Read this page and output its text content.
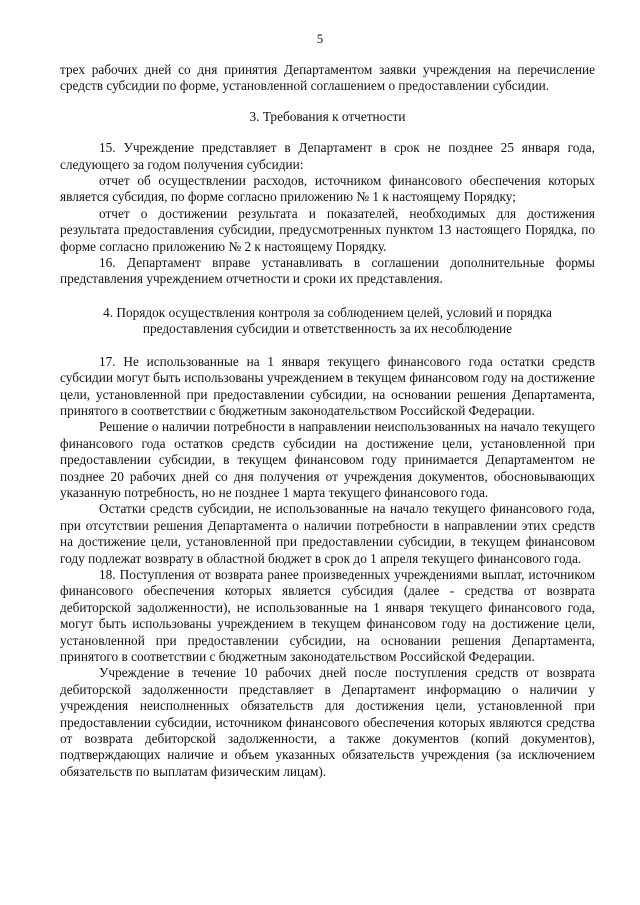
5

трех рабочих дней со дня принятия Департаментом заявки учреждения на перечисление средств субсидии по форме, установленной соглашением о предоставлении субсидии.

3. Требования к отчетности

15. Учреждение представляет в Департамент в срок не позднее 25 января года, следующего за годом получения субсидии:

отчет об осуществлении расходов, источником финансового обеспечения которых является субсидия, по форме согласно приложению № 1 к настоящему Порядку;

отчет о достижении результата и показателей, необходимых для достижения результата предоставления субсидии, предусмотренных пунктом 13 настоящего Порядка, по форме согласно приложению № 2 к настоящему Порядку.

16. Департамент вправе устанавливать в соглашении дополнительные формы представления учреждением отчетности и сроки их представления.

4. Порядок осуществления контроля за соблюдением целей, условий и порядка предоставления субсидии и ответственность за их несоблюдение

17. Не использованные на 1 января текущего финансового года остатки средств субсидии могут быть использованы учреждением в текущем финансовом году на достижение цели, установленной при предоставлении субсидии, на основании решения Департамента, принятого в соответствии с бюджетным законодательством Российской Федерации.

Решение о наличии потребности в направлении неиспользованных на начало текущего финансового года остатков средств субсидии на достижение цели, установленной при предоставлении субсидии, в текущем финансовом году принимается Департаментом не позднее 20 рабочих дней со дня получения от учреждения документов, обосновывающих указанную потребность, но не позднее 1 марта текущего финансового года.

Остатки средств субсидии, не использованные на начало текущего финансового года, при отсутствии решения Департамента о наличии потребности в направлении этих средств на достижение цели, установленной при предоставлении субсидии, в текущем финансовом году подлежат возврату в областной бюджет в срок до 1 апреля текущего финансового года.

18. Поступления от возврата ранее произведенных учреждениями выплат, источником финансового обеспечения которых является субсидия (далее - средства от возврата дебиторской задолженности), не использованные на 1 января текущего финансового года, могут быть использованы учреждением в текущем финансовом году на достижение цели, установленной при предоставлении субсидии, на основании решения Департамента, принятого в соответствии с бюджетным законодательством Российской Федерации.

Учреждение в течение 10 рабочих дней после поступления средств от возврата дебиторской задолженности представляет в Департамент информацию о наличии у учреждения неисполненных обязательств для достижения цели, установленной при предоставлении субсидии, источником финансового обеспечения которых являются средства от возврата дебиторской задолженности, а также документов (копий документов), подтверждающих наличие и объем указанных обязательств учреждения (за исключением обязательств по выплатам физическим лицам).
